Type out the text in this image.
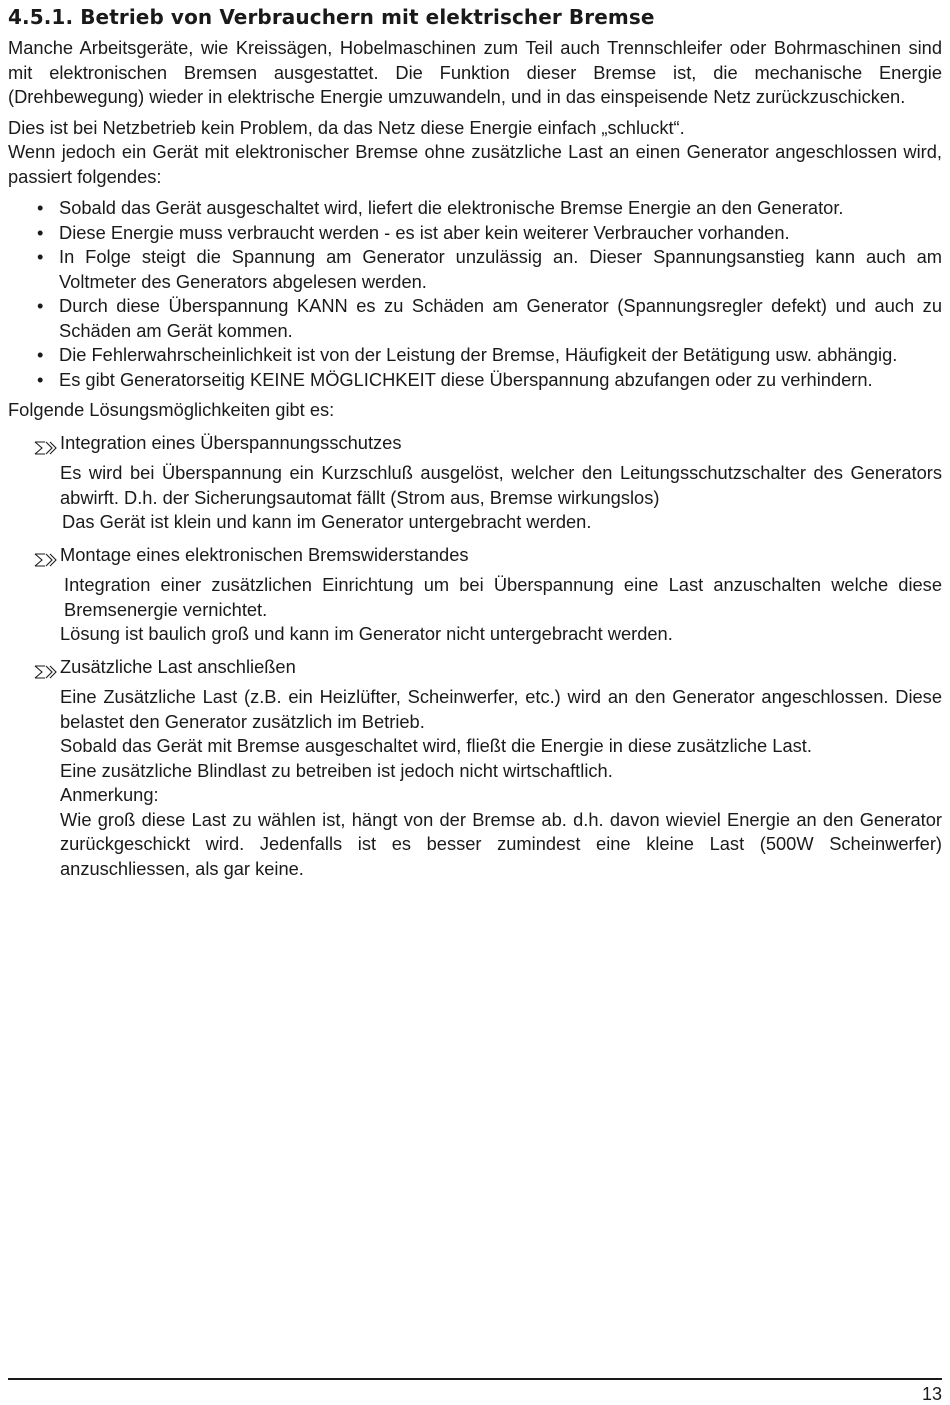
4.5.1. Betrieb von Verbrauchern mit elektrischer Bremse

Manche Arbeitsgeräte, wie Kreissägen, Hobelmaschinen zum Teil auch Trennschleifer oder Bohrmaschinen sind mit elektronischen Bremsen ausgestattet. Die Funktion dieser Bremse ist, die mechanische Energie (Drehbewegung) wieder in elektrische Energie umzuwandeln, und in das einspeisende Netz zurückzuschicken.

Dies ist bei Netzbetrieb kein Problem, da das Netz diese Energie einfach „schluckt“.

Wenn jedoch ein Gerät mit elektronischer Bremse ohne zusätzliche Last an einen Generator angeschlossen wird, passiert folgendes:

• Sobald das Gerät ausgeschaltet wird, liefert die elektronische Bremse Energie an den Generator.
• Diese Energie muss verbraucht werden - es ist aber kein weiterer Verbraucher vorhanden.
• In Folge steigt die Spannung am Generator unzulässig an. Dieser Spannungsanstieg kann auch am Voltmeter des Generators abgelesen werden.
• Durch diese Überspannung KANN es zu Schäden am Generator (Spannungsregler defekt) und auch zu Schäden am Gerät kommen.
• Die Fehlerwahrscheinlichkeit ist von der Leistung der Bremse, Häufigkeit der Betätigung usw. abhängig.
• Es gibt Generatorseitig KEINE MÖGLICHKEIT diese Überspannung abzufangen oder zu verhindern.

Folgende Lösungsmöglichkeiten gibt es:

Integration eines Überspannungsschutzes

Es wird bei Überspannung ein Kurzschluß ausgelöst, welcher den Leitungsschutzschalter des Generators abwirft. D.h. der Sicherungsautomat fällt (Strom aus, Bremse wirkungslos)

Das Gerät ist klein und kann im Generator untergebracht werden.

Montage eines elektronischen Bremswiderstandes

Integration einer zusätzlichen Einrichtung um bei Überspannung eine Last anzuschalten welche diese Bremsenergie vernichtet.

Lösung ist baulich groß und kann im Generator nicht untergebracht werden.

Zusätzliche Last anschließen

Eine Zusätzliche Last (z.B. ein Heizlüfter, Scheinwerfer, etc.) wird an den Generator angeschlossen. Diese belastet den Generator zusätzlich im Betrieb.

Sobald das Gerät mit Bremse ausgeschaltet wird, fließt die Energie in diese zusätzliche Last.

Eine zusätzliche Blindlast zu betreiben ist jedoch nicht wirtschaftlich.

Anmerkung:

Wie groß diese Last zu wählen ist, hängt von der Bremse ab. d.h. davon wieviel Energie an den Generator zurückgeschickt wird. Jedenfalls ist es besser zumindest eine kleine Last (500W Scheinwerfer) anzuschliessen, als gar keine.

13
